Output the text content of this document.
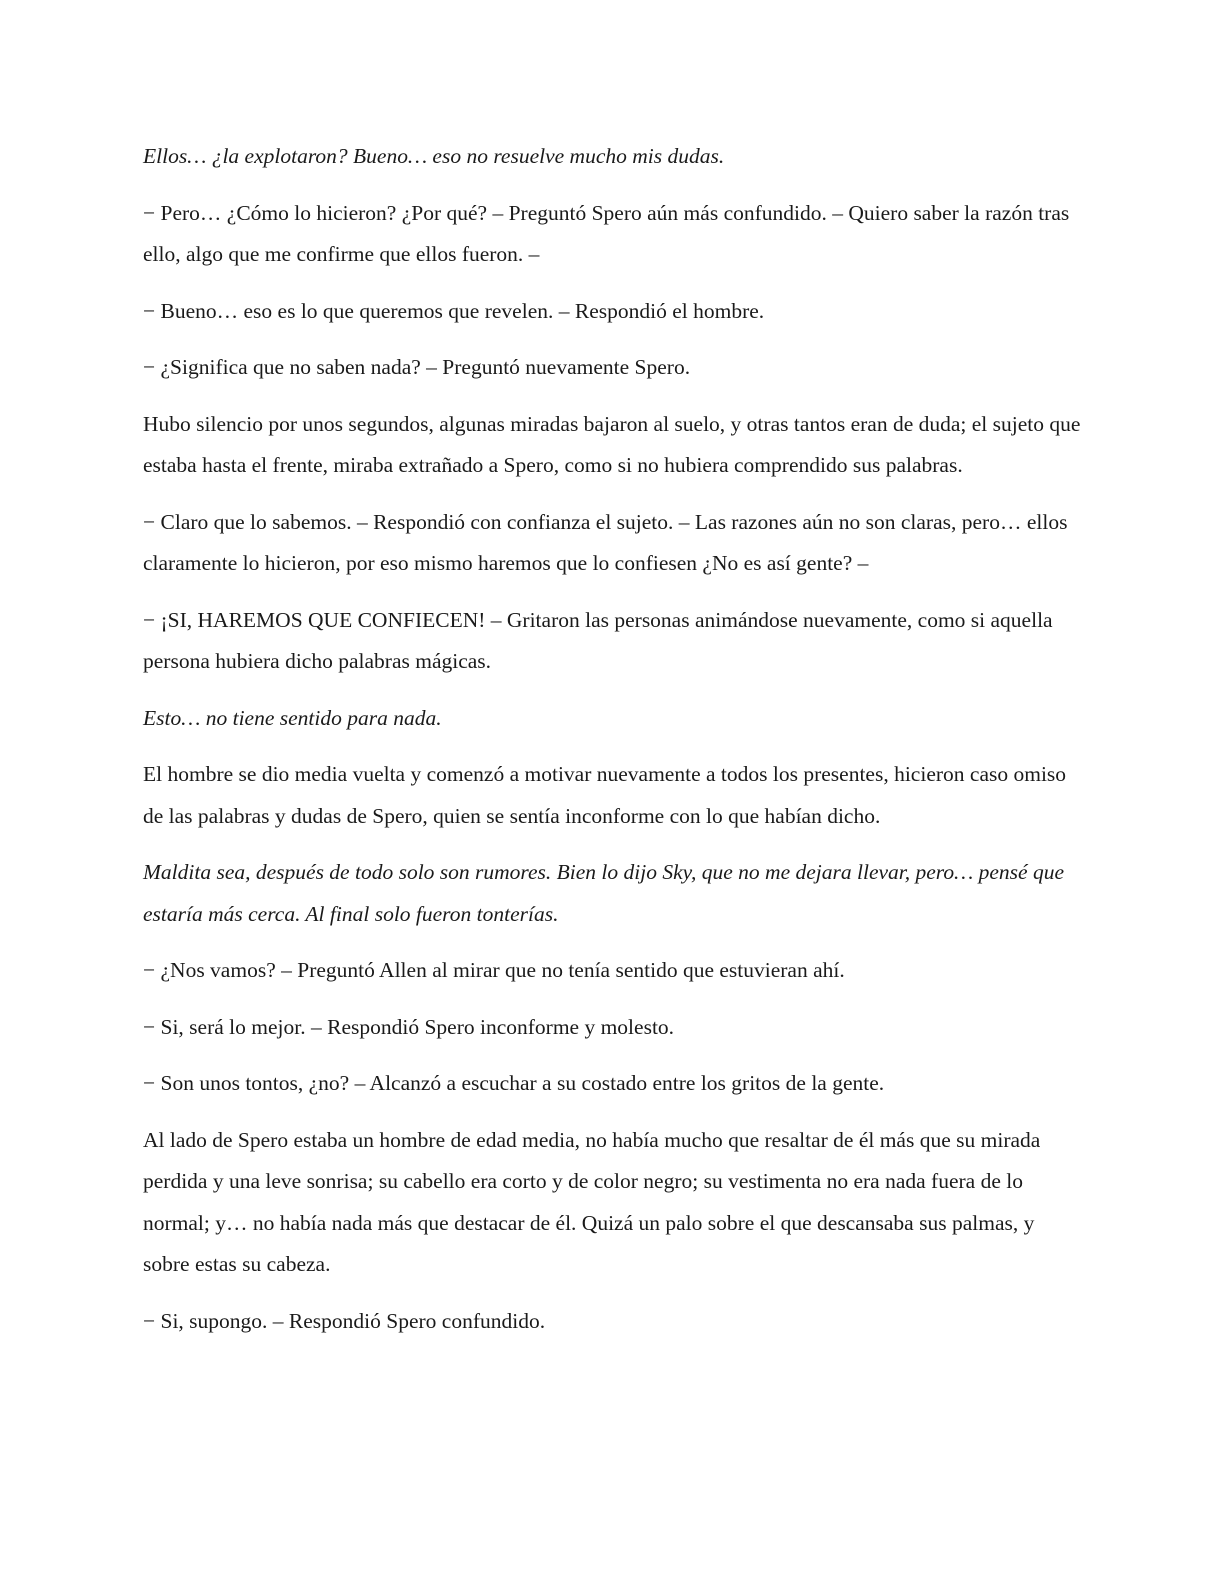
Ellos… ¿la explotaron? Bueno… eso no resuelve mucho mis dudas.

− Pero… ¿Cómo lo hicieron? ¿Por qué? – Preguntó Spero aún más confundido. – Quiero saber la razón tras ello, algo que me confirme que ellos fueron. –

− Bueno… eso es lo que queremos que revelen. – Respondió el hombre.

− ¿Significa que no saben nada? – Preguntó nuevamente Spero.

Hubo silencio por unos segundos, algunas miradas bajaron al suelo, y otras tantos eran de duda; el sujeto que estaba hasta el frente, miraba extrañado a Spero, como si no hubiera comprendido sus palabras.

− Claro que lo sabemos. – Respondió con confianza el sujeto. – Las razones aún no son claras, pero… ellos claramente lo hicieron, por eso mismo haremos que lo confiesen ¿No es así gente? –

− ¡SI, HAREMOS QUE CONFIECEN! – Gritaron las personas animándose nuevamente, como si aquella persona hubiera dicho palabras mágicas.

Esto… no tiene sentido para nada.

El hombre se dio media vuelta y comenzó a motivar nuevamente a todos los presentes, hicieron caso omiso de las palabras y dudas de Spero, quien se sentía inconforme con lo que habían dicho.

Maldita sea, después de todo solo son rumores. Bien lo dijo Sky, que no me dejara llevar, pero… pensé que estaría más cerca. Al final solo fueron tonterías.

− ¿Nos vamos? – Preguntó Allen al mirar que no tenía sentido que estuvieran ahí.

− Si, será lo mejor. – Respondió Spero inconforme y molesto.

− Son unos tontos, ¿no? – Alcanzó a escuchar a su costado entre los gritos de la gente.

Al lado de Spero estaba un hombre de edad media, no había mucho que resaltar de él más que su mirada perdida y una leve sonrisa; su cabello era corto y de color negro; su vestimenta no era nada fuera de lo normal; y… no había nada más que destacar de él. Quizá un palo sobre el que descansaba sus palmas, y sobre estas su cabeza.

− Si, supongo. – Respondió Spero confundido.
